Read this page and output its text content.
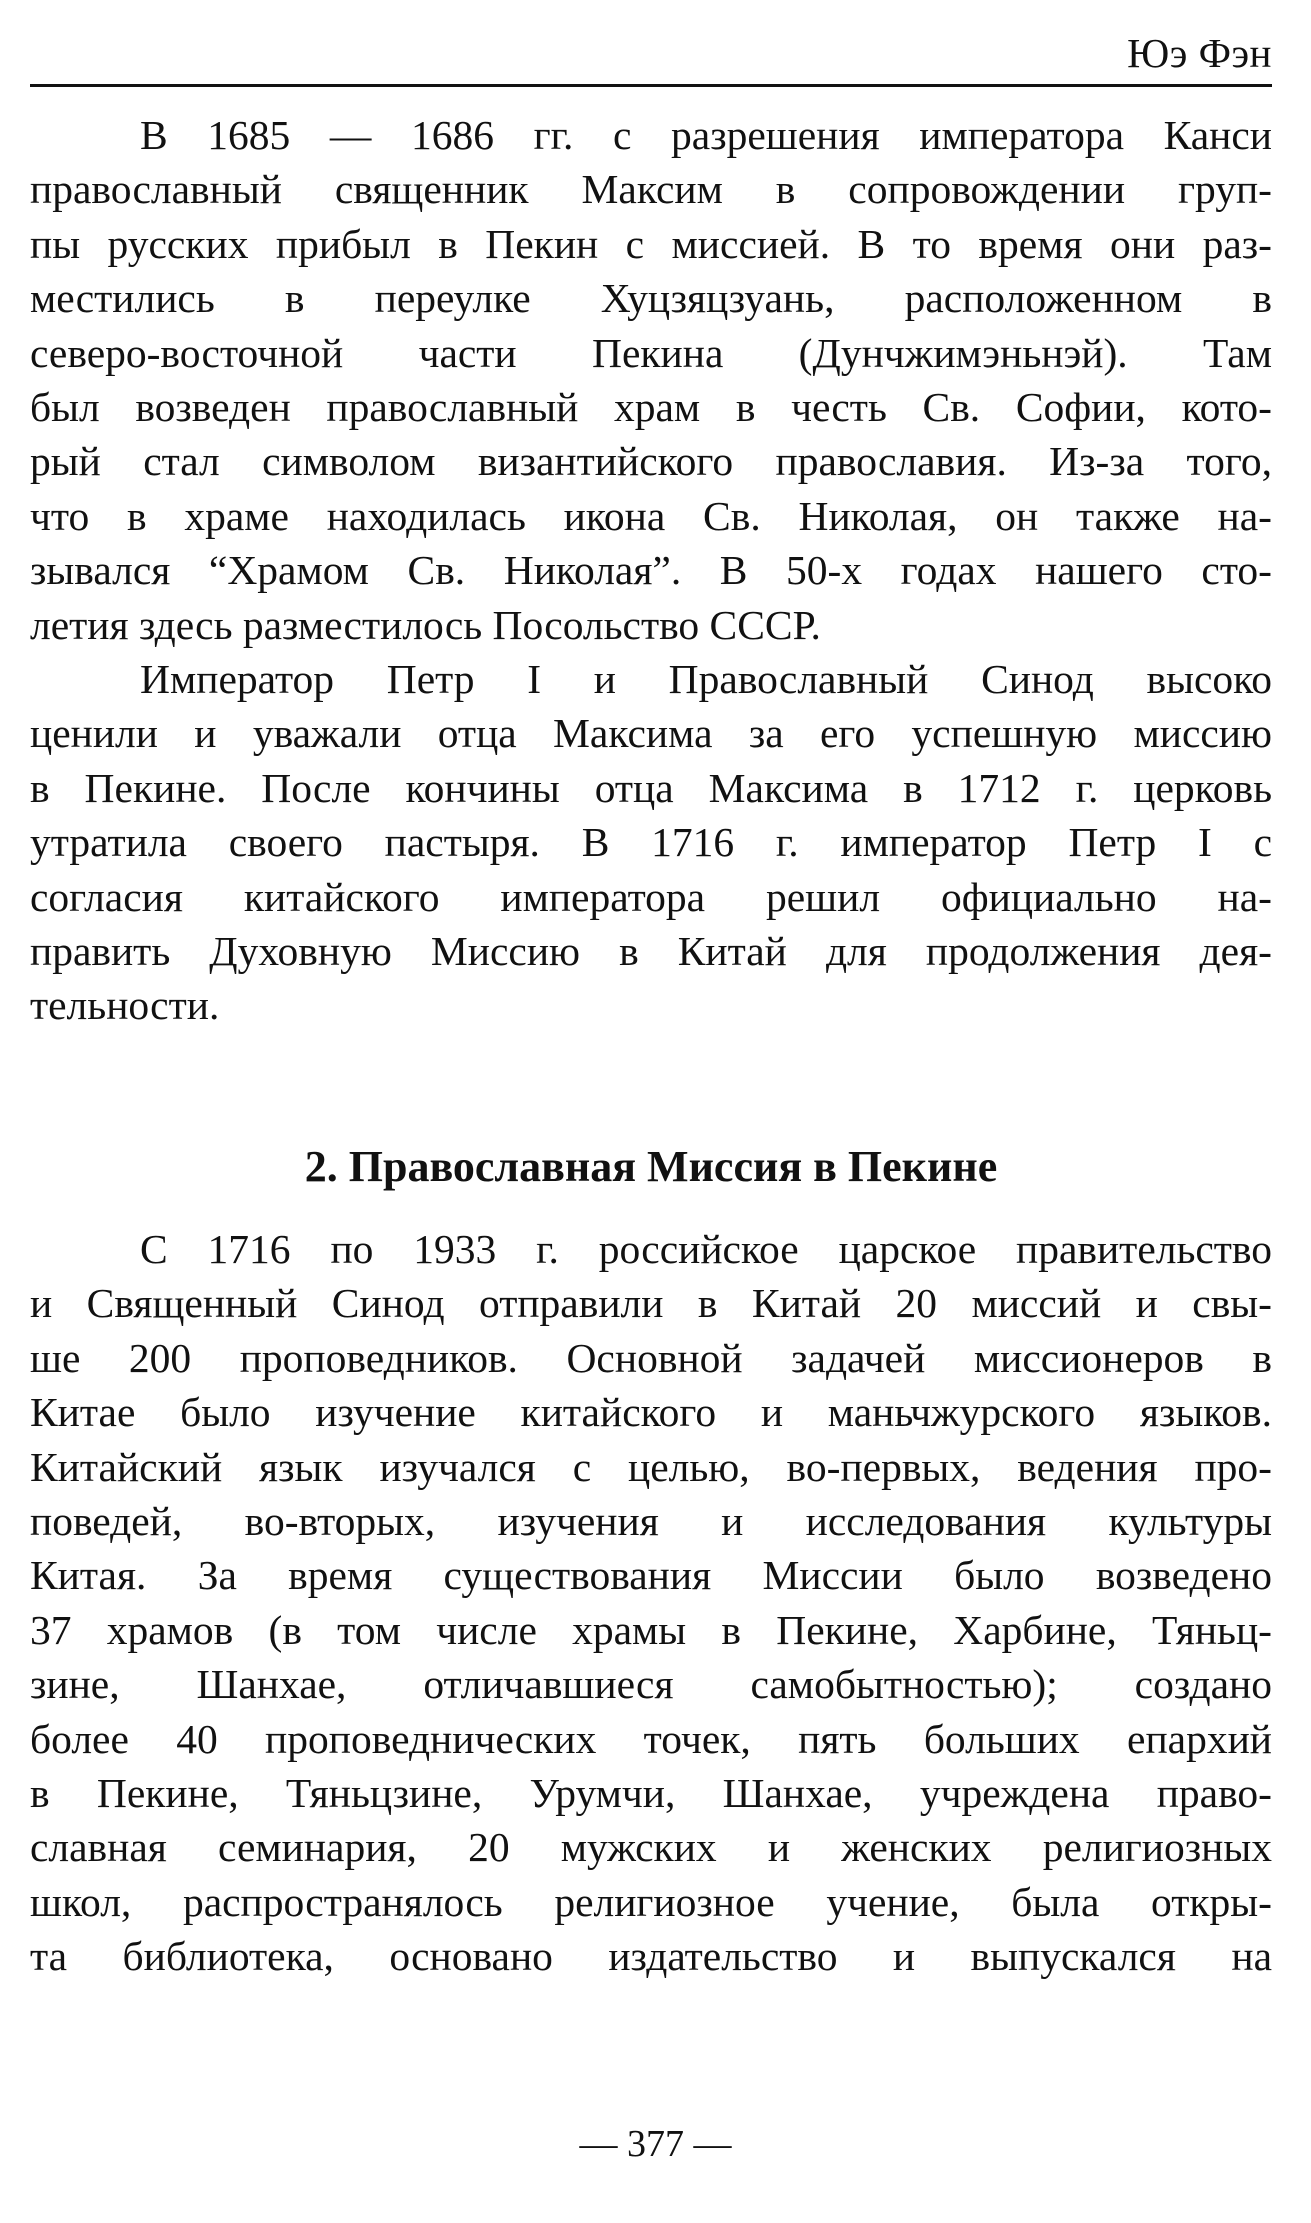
Юэ Фэн
В 1685 — 1686 гг. с разрешения императора Канси
православный священник Максим в сопровождении груп-
пы русских прибыл в Пекин с миссией. В то время они раз-
местились в переулке Хуцзяцзуань, расположенном в
северо-восточной части Пекина (Дунчжимэньнэй). Там
был возведен православный храм в честь Св. Софии, кото-
рый стал символом византийского православия. Из-за того,
что в храме находилась икона Св. Николая, он также на-
зывался “Храмом Св. Николая”. В 50-х годах нашего сто-
летия здесь разместилось Посольство СССР.
Император Петр I и Православный Синод высоко
ценили и уважали отца Максима за его успешную миссию
в Пекине. После кончины отца Максима в 1712 г. церковь
утратила своего пастыря. В 1716 г. император Петр I с
согласия китайского императора решил официально на-
править Духовную Миссию в Китай для продолжения дея-
тельности.
2. Православная Миссия в Пекине
С 1716 по 1933 г. российское царское правительство
и Священный Синод отправили в Китай 20 миссий и свы-
ше 200 проповедников. Основной задачей миссионеров в
Китае было изучение китайского и маньчжурского языков.
Китайский язык изучался с целью, во-первых, ведения про-
поведей, во-вторых, изучения и исследования культуры
Китая. За время существования Миссии было возведено
37 храмов (в том числе храмы в Пекине, Харбине, Тяньц-
зине, Шанхае, отличавшиеся самобытностью); создано
более 40 проповеднических точек, пять больших епархий
в Пекине, Тяньцзине, Урумчи, Шанхае, учреждена право-
славная семинария, 20 мужских и женских религиозных
школ, распространялось религиозное учение, была откры-
та библиотека, основано издательство и выпускался на
— 377 —
